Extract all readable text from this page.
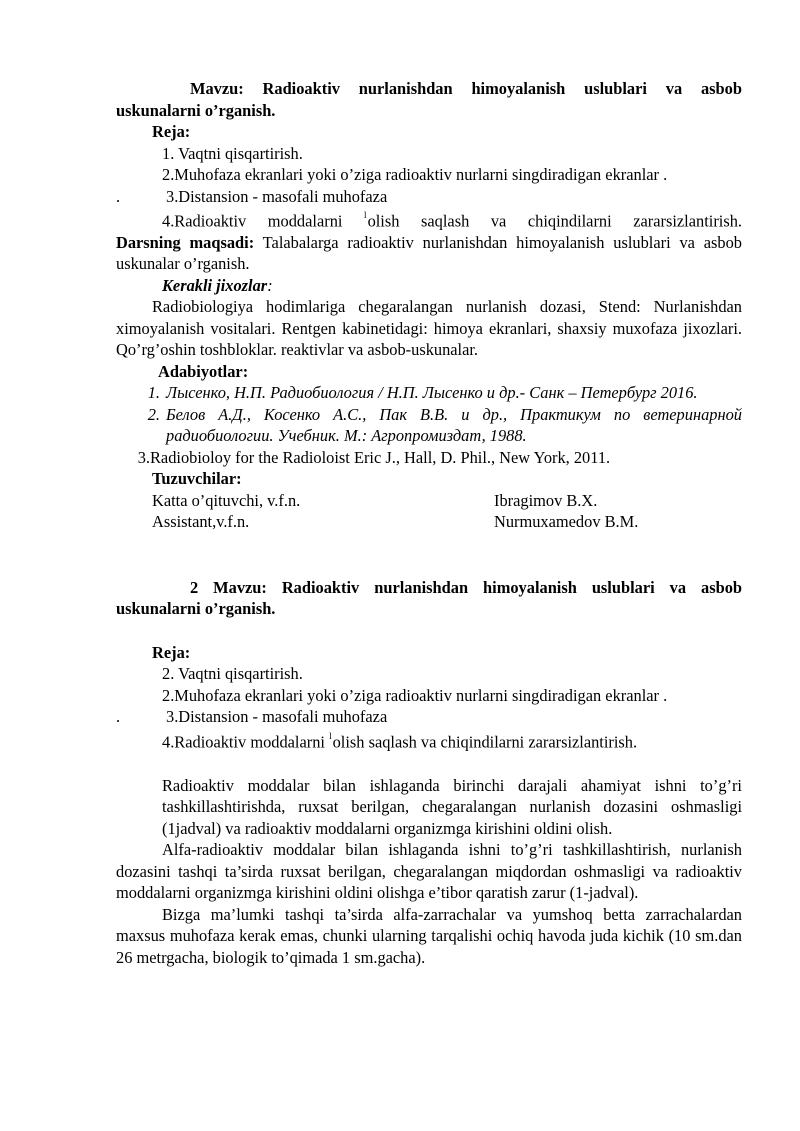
Mavzu: Radioaktiv nurlanishdan himoyalanish uslublari va asbob

uskunalarni o’rganish.

Reja:

1. Vaqtni qisqartirish.

2.Muhofaza ekranlari yoki o’ziga radioaktiv nurlarni singdiradigan ekranlar .

.	3.Distansion - masofali muhofaza

4.Radioaktiv moddalarni $^l$olish saqlash va chiqindilarni zararsizlantirish.

Darsning maqsadi: Talabalarga radioaktiv nurlanishdan himoyalanish uslublari va asbob uskunalar o’rganish.

Kerakli jixozlar:

Radiobiologiya hodimlariga chegaralangan nurlanish dozasi, Stend: Nurlanishdan ximoyalanish vositalari. Rentgen kabinetidagi: himoya ekranlari, shaxsiy muxofaza jixozlari. Qo’rg’oshin toshbloklar. reaktivlar va asbob-uskunalar.

Adabiyotlar:

1. Лысенко, Н.П. Радиобиология / Н.П. Лысенко и др.- Санк – Петербург 2016.
2. Белов А.Д., Косенко А.С., Пак В.В. и др., Практикум по ветеринарной радиобиологии. Учебник. М.: Агропромиздат, 1988.
3. Radiobioloy for the Radioloist Eric J., Hall, D. Phil., New York, 2011.

Tuzuvchilar:

Katta o’qituvchi, v.f.n.	Ibragimov B.X.
Assistant,v.f.n.	Nurmuxamedov B.M.

2 Mavzu: Radioaktiv nurlanishdan himoyalanish uslublari va asbob

uskunalarni o’rganish.

Reja:

2. Vaqtni qisqartirish.

2.Muhofaza ekranlari yoki o’ziga radioaktiv nurlarni singdiradigan ekranlar .

.	3.Distansion - masofali muhofaza

4.Radioaktiv moddalarni $^l$olish saqlash va chiqindilarni zararsizlantirish.

Radioaktiv moddalar bilan ishlaganda birinchi darajali ahamiyat ishni to’g’ri tashkillashtirishda, ruxsat berilgan, chegaralangan nurlanish dozasini oshmasligi (1jadval) va radioaktiv moddalarni organizmga kirishini oldini olish.

Alfa-radioaktiv moddalar bilan ishlaganda ishni to’g’ri tashkillashtirish, nurlanish dozasini tashqi ta’sirda ruxsat berilgan, chegaralangan miqdordan oshmasligi va radioaktiv moddalarni organizmga kirishini oldini olishga e’tibor qaratish zarur (1-jadval).

Bizga ma’lumki tashqi ta’sirda alfa-zarrachalar va yumshoq betta zarrachalardan maxsus muhofaza kerak emas, chunki ularning tarqalishi ochiq havoda juda kichik (10 sm.dan 26 metrgacha, biologik to’qimada 1 sm.gacha).
